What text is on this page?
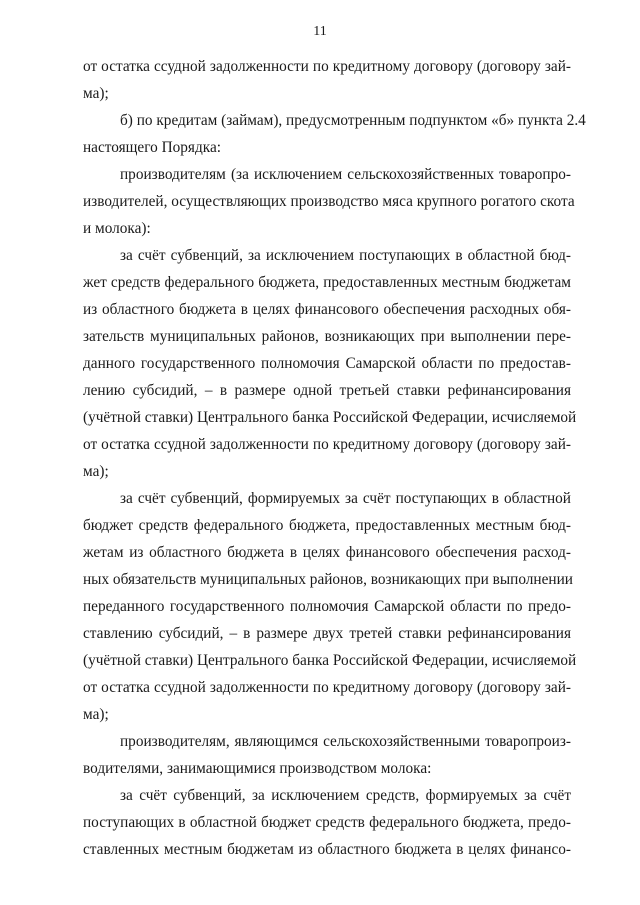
11
от остатка ссудной задолженности по кредитному договору (договору зай-
ма);
б) по кредитам (займам), предусмотренным подпунктом «б» пункта 2.4
настоящего Порядка:
производителям (за исключением сельскохозяйственных товаропро-
изводителей, осуществляющих производство мяса крупного рогатого скота
и молока):
за счёт субвенций, за исключением поступающих в областной бюд-
жет средств федерального бюджета, предоставленных местным бюджетам
из областного бюджета в целях финансового обеспечения расходных обя-
зательств муниципальных районов, возникающих при выполнении пере-
данного государственного полномочия Самарской области по предостав-
лению субсидий, – в размере одной третьей ставки рефинансирования
(учётной ставки) Центрального банка Российской Федерации, исчисляемой
от остатка ссудной задолженности по кредитному договору (договору зай-
ма);
за счёт субвенций, формируемых за счёт поступающих в областной
бюджет средств федерального бюджета, предоставленных местным бюд-
жетам из областного бюджета в целях финансового обеспечения расход-
ных обязательств муниципальных районов, возникающих при выполнении
переданного государственного полномочия Самарской области по предо-
ставлению субсидий, – в размере двух третей ставки рефинансирования
(учётной ставки) Центрального банка Российской Федерации, исчисляемой
от остатка ссудной задолженности по кредитному договору (договору зай-
ма);
производителям, являющимся сельскохозяйственными товаропроиз-
водителями, занимающимися производством молока:
за счёт субвенций, за исключением средств, формируемых за счёт
поступающих в областной бюджет средств федерального бюджета, предо-
ставленных местным бюджетам из областного бюджета в целях финансо-
